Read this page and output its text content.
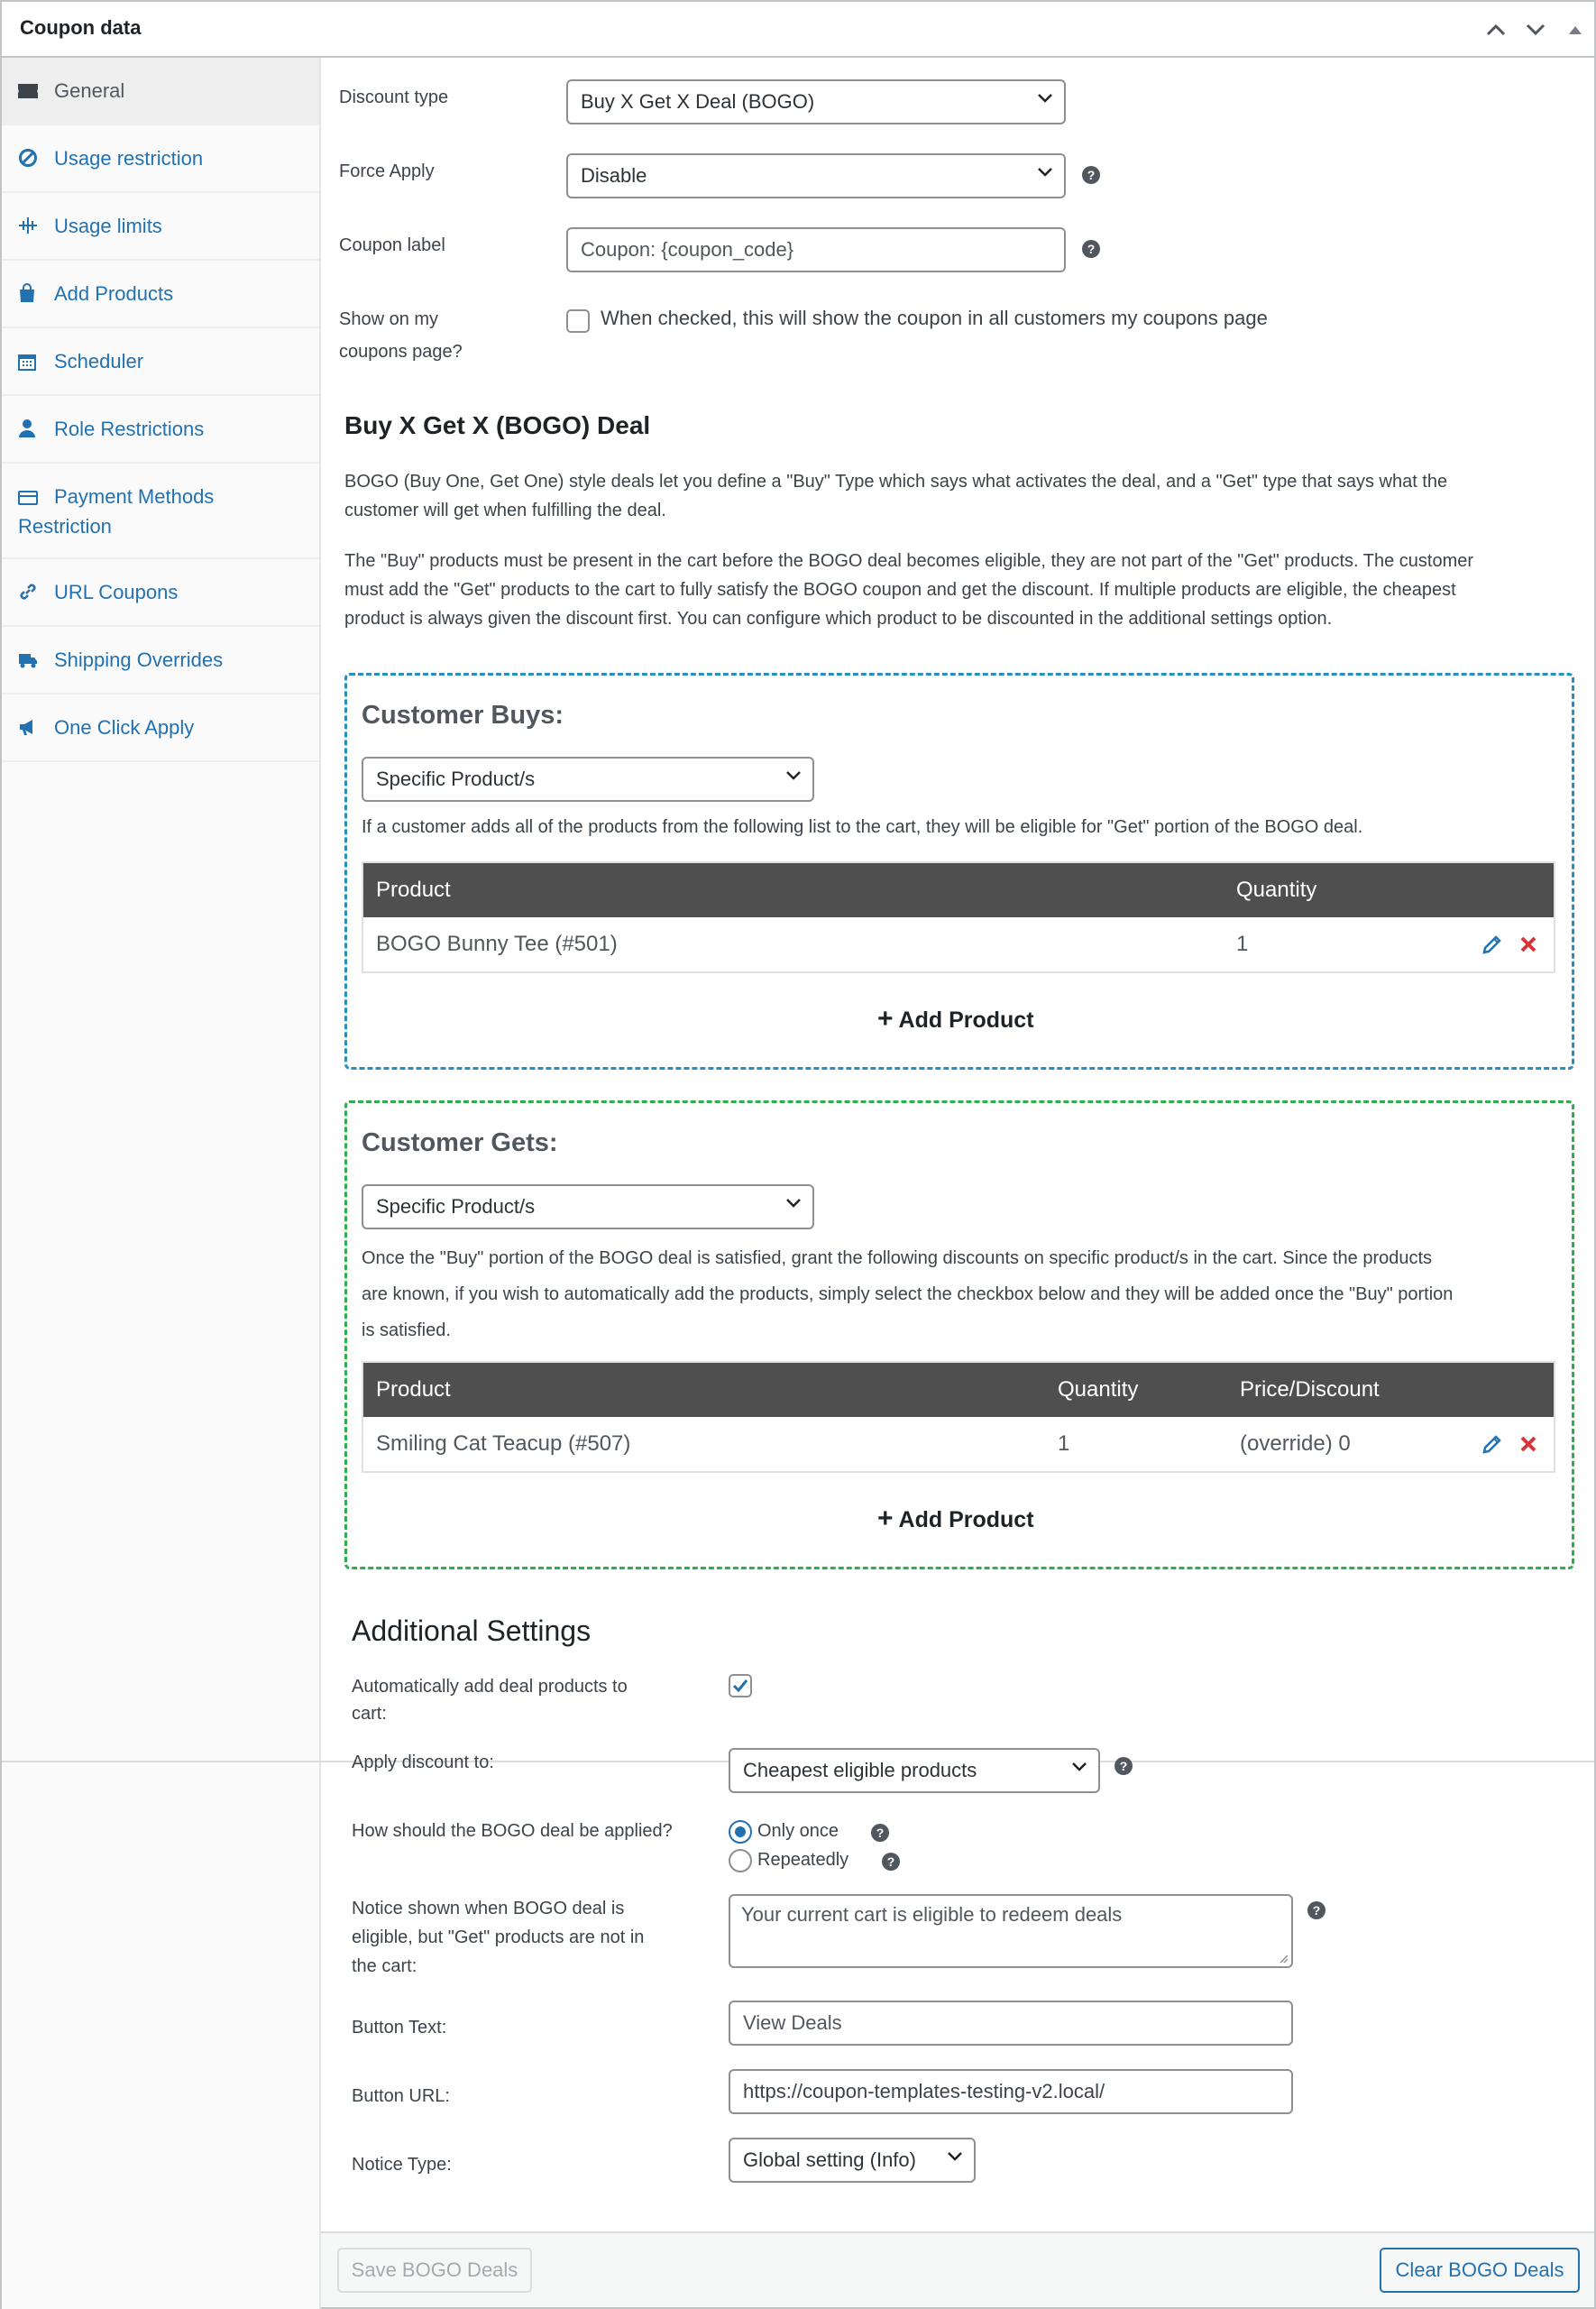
Coupon data
General
Usage restriction
Usage limits
Add Products
Scheduler
Role Restrictions
Payment Methods Restriction
URL Coupons
Shipping Overrides
One Click Apply
Discount type	Buy X Get X Deal (BOGO)
Force Apply	Disable	?
Coupon label	Coupon: {coupon_code}	?
Show on my
coupons page?
When checked, this will show the coupon in all customers my coupons page
Buy X Get X (BOGO) Deal
BOGO (Buy One, Get One) style deals let you define a "Buy" Type which says what activates the deal, and a "Get" type that says what the
customer will get when fulfilling the deal.
The "Buy" products must be present in the cart before the BOGO deal becomes eligible, they are not part of the "Get" products. The customer
must add the "Get" products to the cart to fully satisfy the BOGO coupon and get the discount. If multiple products are eligible, the cheapest
product is always given the discount first. You can configure which product to be discounted in the additional settings option.
Customer Buys:
Specific Product/s
If a customer adds all of the products from the following list to the cart, they will be eligible for "Get" portion of the BOGO deal.
Product	Quantity
BOGO Bunny Tee (#501)	1
+ Add Product
Customer Gets:
Specific Product/s
Once the "Buy" portion of the BOGO deal is satisfied, grant the following discounts on specific product/s in the cart. Since the products
are known, if you wish to automatically add the products, simply select the checkbox below and they will be added once the "Buy" portion
is satisfied.
Product	Quantity	Price/Discount
Smiling Cat Teacup (#507)	1	(override) 0
+ Add Product
Additional Settings
Automatically add deal products to
cart:
Apply discount to:	Cheapest eligible products	?
How should the BOGO deal be applied?	Only once	?
Repeatedly	?
Notice shown when BOGO deal is
eligible, but "Get" products are not in
the cart:
Your current cart is eligible to redeem deals	?
Button Text:	View Deals
Button URL:	https://coupon-templates-testing-v2.local/
Notice Type:	Global setting (Info)
Save BOGO Deals	Clear BOGO Deals
